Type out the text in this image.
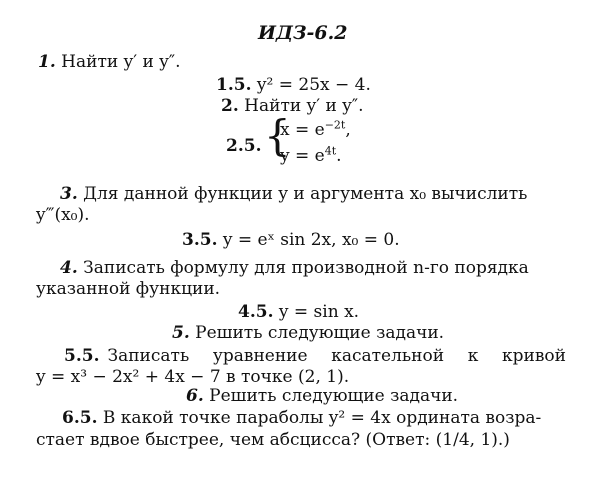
ИДЗ-6.2
1. Найти y′ и y″.
1.5. y² = 25x − 4.
2. Найти y′ и y″.
2.5. {
$x = e^{-2t}$,
$y = e^{4t}$.
3. Для данной функции y и аргумента x₀ вычислить
y‴(x₀).
3.5. y = eˣ sin 2x, x₀ = 0.
4. Записать формулу для производной n-го порядка
указанной функции.
4.5. y = sin x.
5. Решить следующие задачи.
5.5. Записать уравнение касательной к кривой
y = x³ − 2x² + 4x − 7 в точке (2, 1).
6. Решить следующие задачи.
6.5. В какой точке параболы y² = 4x ордината возра-
стает вдвое быстрее, чем абсцисса? (Ответ: (1/4, 1).)
